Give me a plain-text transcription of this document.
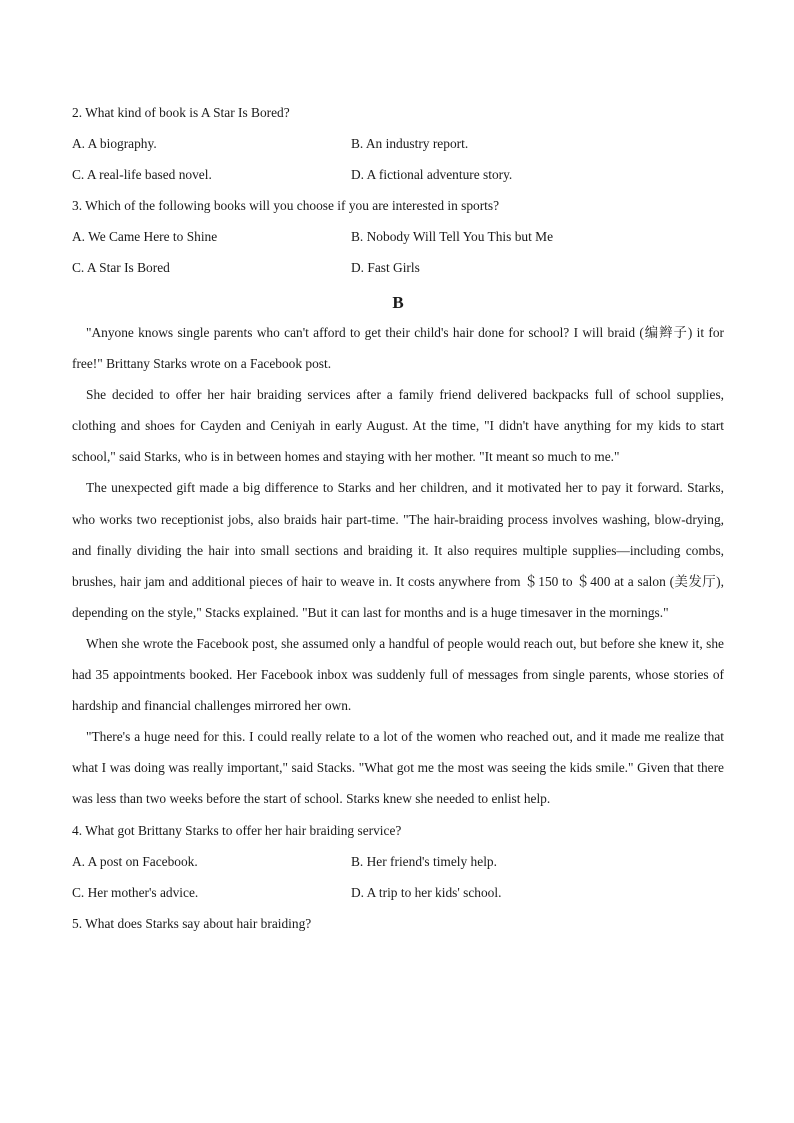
2. What kind of book is A Star Is Bored?
A. A biography.	B. An industry report.
C. A real-life based novel.	D. A fictional adventure story.
3. Which of the following books will you choose if you are interested in sports?
A. We Came Here to Shine	B. Nobody Will Tell You This but Me
C. A Star Is Bored	D. Fast Girls
B

"Anyone knows single parents who can't afford to get their child's hair done for school? I will braid (编辫子) it for free!" Brittany Starks wrote on a Facebook post.

She decided to offer her hair braiding services after a family friend delivered backpacks full of school supplies, clothing and shoes for Cayden and Ceniyah in early August. At the time, "I didn't have anything for my kids to start school," said Starks, who is in between homes and staying with her mother. "It meant so much to me."

The unexpected gift made a big difference to Starks and her children, and it motivated her to pay it forward. Starks, who works two receptionist jobs, also braids hair part-time. "The hair-braiding process involves washing, blow-drying, and finally dividing the hair into small sections and braiding it. It also requires multiple supplies—including combs, brushes, hair jam and additional pieces of hair to weave in. It costs anywhere from ＄150 to ＄400 at a salon (美发厅), depending on the style," Stacks explained. "But it can last for months and is a huge timesaver in the mornings."

When she wrote the Facebook post, she assumed only a handful of people would reach out, but before she knew it, she had 35 appointments booked. Her Facebook inbox was suddenly full of messages from single parents, whose stories of hardship and financial challenges mirrored her own.

"There's a huge need for this. I could really relate to a lot of the women who reached out, and it made me realize that what I was doing was really important," said Stacks. "What got me the most was seeing the kids smile." Given that there was less than two weeks before the start of school. Starks knew she needed to enlist help.

4. What got Brittany Starks to offer her hair braiding service?
A. A post on Facebook.	B. Her friend's timely help.
C. Her mother's advice.	D. A trip to her kids' school.
5. What does Starks say about hair braiding?
